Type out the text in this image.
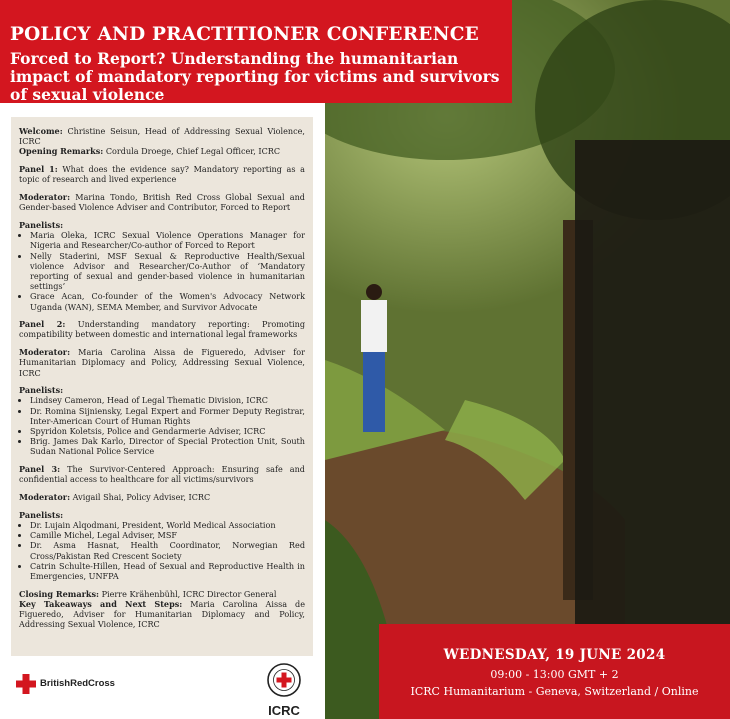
POLICY AND PRACTITIONER CONFERENCE
Forced to Report? Understanding the humanitarian impact of mandatory reporting for victims and survivors of sexual violence

Welcome: Christine Seisun, Head of Addressing Sexual Violence, ICRC
Opening Remarks: Cordula Droege, Chief Legal Officer, ICRC

Panel 1: What does the evidence say? Mandatory reporting as a topic of research and lived experience

Moderator: Marina Tondo, British Red Cross Global Sexual and Gender-based Violence Adviser and Contributor, Forced to Report

Panelists:

• Maria Oleka, ICRC Sexual Violence Operations Manager for Nigeria and Researcher/Co-author of Forced to Report
• Nelly Staderini, MSF Sexual & Reproductive Health/Sexual violence Advisor and Researcher/Co-Author of ‘Mandatory reporting of sexual and gender-based violence in humanitarian settings’
• Grace Acan, Co-founder of the Women's Advocacy Network Uganda (WAN), SEMA Member, and Survivor Advocate

Panel 2: Understanding mandatory reporting: Promoting compatibility between domestic and international legal frameworks

Moderator: Maria Carolina Aissa de Figueredo, Adviser for Humanitarian Diplomacy and Policy, Addressing Sexual Violence, ICRC

Panelists:

• Lindsey Cameron, Head of Legal Thematic Division, ICRC
• Dr. Romina Sijniensky, Legal Expert and Former Deputy Registrar, Inter-American Court of Human Rights
• Spyridon Koletsis, Police and Gendarmerie Adviser, ICRC
• Brig. James Dak Karlo, Director of Special Protection Unit, South Sudan National Police Service

Panel 3: The Survivor-Centered Approach: Ensuring safe and confidential access to healthcare for all victims/survivors

Moderator: Avigail Shai, Policy Adviser, ICRC

Panelists:

• Dr. Lujain Alqodmani, President, World Medical Association
• Camille Michel, Legal Adviser, MSF
• Dr. Asma Hasnat, Health Coordinator, Norwegian Red Cross/Pakistan Red Crescent Society
• Catrin Schulte-Hillen, Head of Sexual and Reproductive Health in Emergencies, UNFPA

Closing Remarks: Pierre Krähenbühl, ICRC Director General
Key Takeaways and Next Steps: Maria Carolina Aissa de Figueredo, Adviser for Humanitarian Diplomacy and Policy, Addressing Sexual Violence, ICRC

WEDNESDAY, 19 JUNE 2024
09:00 - 13:00 GMT + 2
ICRC Humanitarium - Geneva, Switzerland / Online
BritishRedCross
ICRC
